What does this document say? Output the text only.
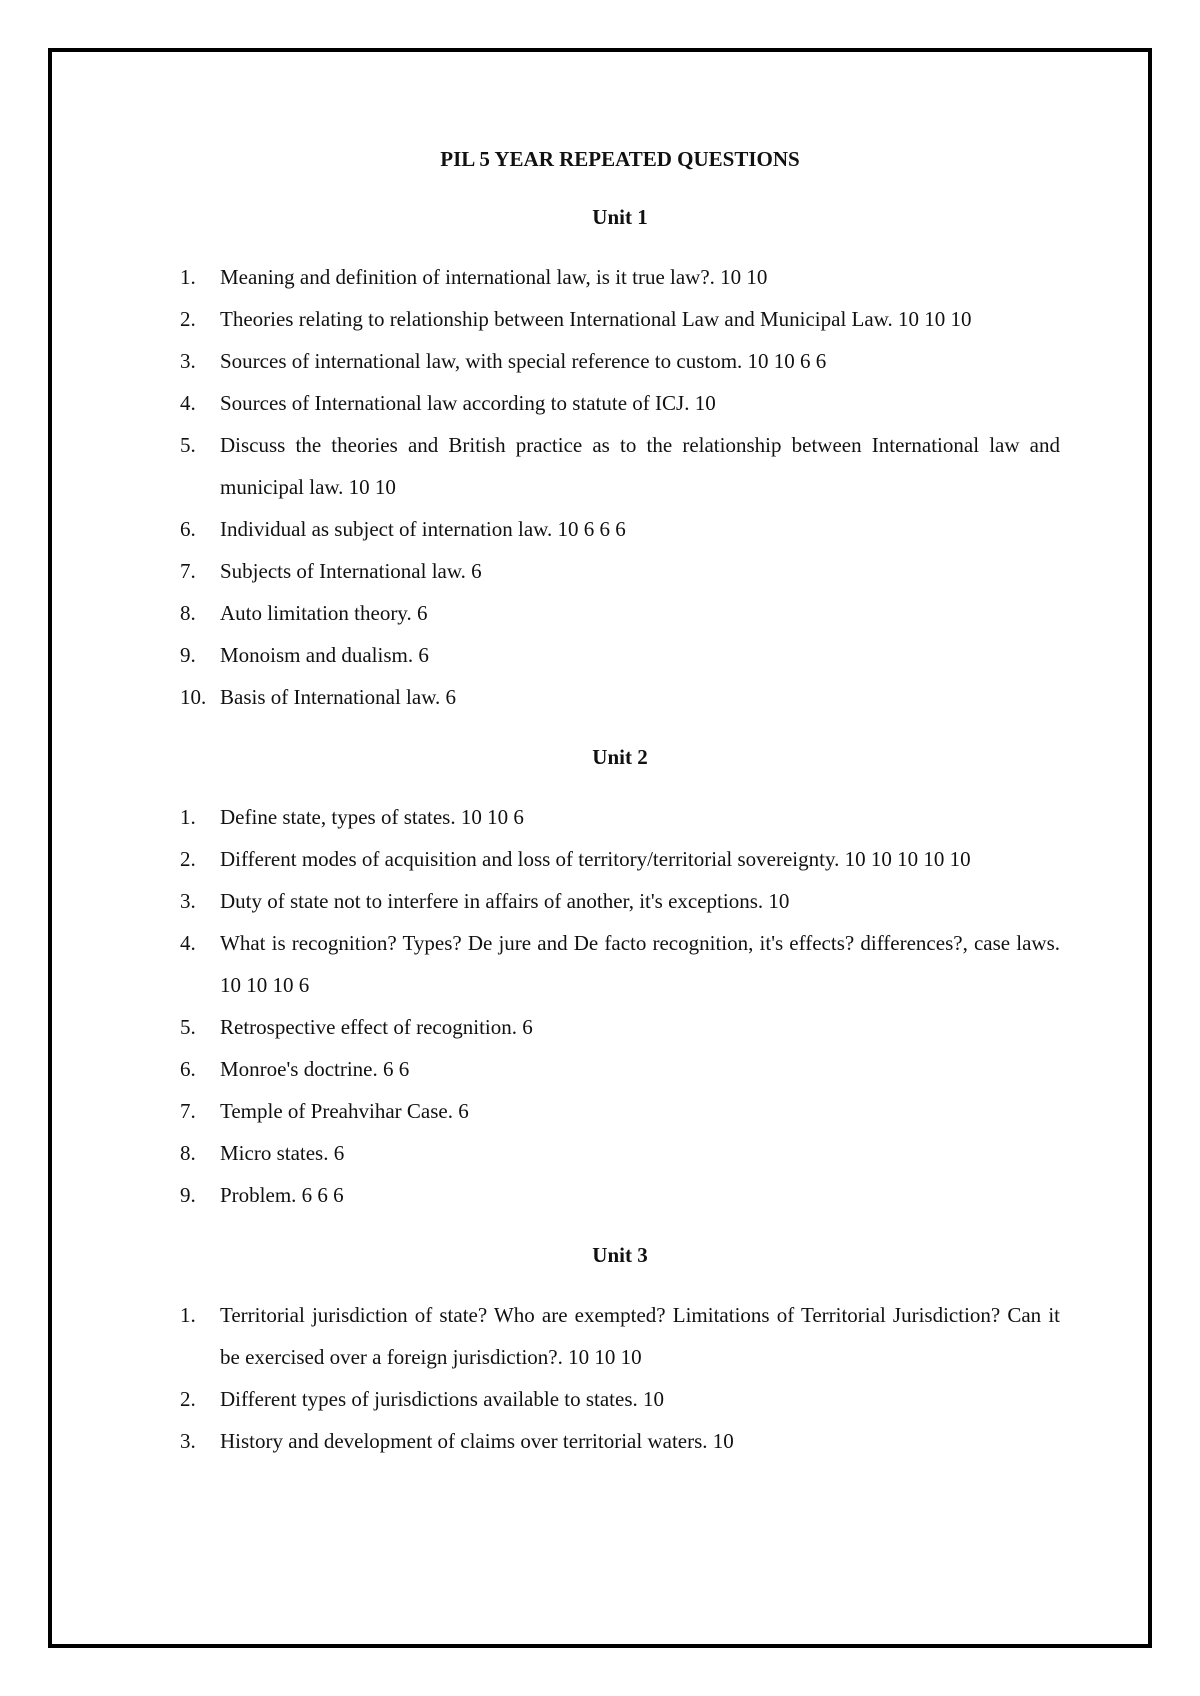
PIL 5 YEAR REPEATED QUESTIONS
Unit 1
1.	Meaning and definition of international law, is it true law?. 10 10
2.	Theories relating to relationship between International Law and Municipal Law. 10 10 10
3.	Sources of international law, with special reference to custom. 10 10 6 6
4.	Sources of International law according to statute of ICJ. 10
5.	Discuss the theories and British practice as to the relationship between International law and municipal law. 10 10
6.	Individual as subject of internation law. 10 6 6 6
7.	Subjects of International law. 6
8.	Auto limitation theory. 6
9.	Monoism and dualism. 6
10. Basis of International law. 6
Unit 2
1.	Define state, types of states. 10 10 6
2.	Different modes of acquisition and loss of territory/territorial sovereignty. 10 10 10 10 10
3.	Duty of state not to interfere in affairs of another, it's exceptions. 10
4.	What is recognition? Types? De jure and De facto recognition, it's effects? differences?, case laws. 10 10 10 6
5.	Retrospective effect of recognition. 6
6.	Monroe's doctrine. 6 6
7.	Temple of Preahvihar Case. 6
8.	Micro states. 6
9.	Problem. 6 6 6
Unit 3
1.	Territorial jurisdiction of state? Who are exempted? Limitations of Territorial Jurisdiction? Can it be exercised over a foreign jurisdiction?. 10 10 10
2.	Different types of jurisdictions available to states. 10
3.	History and development of claims over territorial waters. 10
